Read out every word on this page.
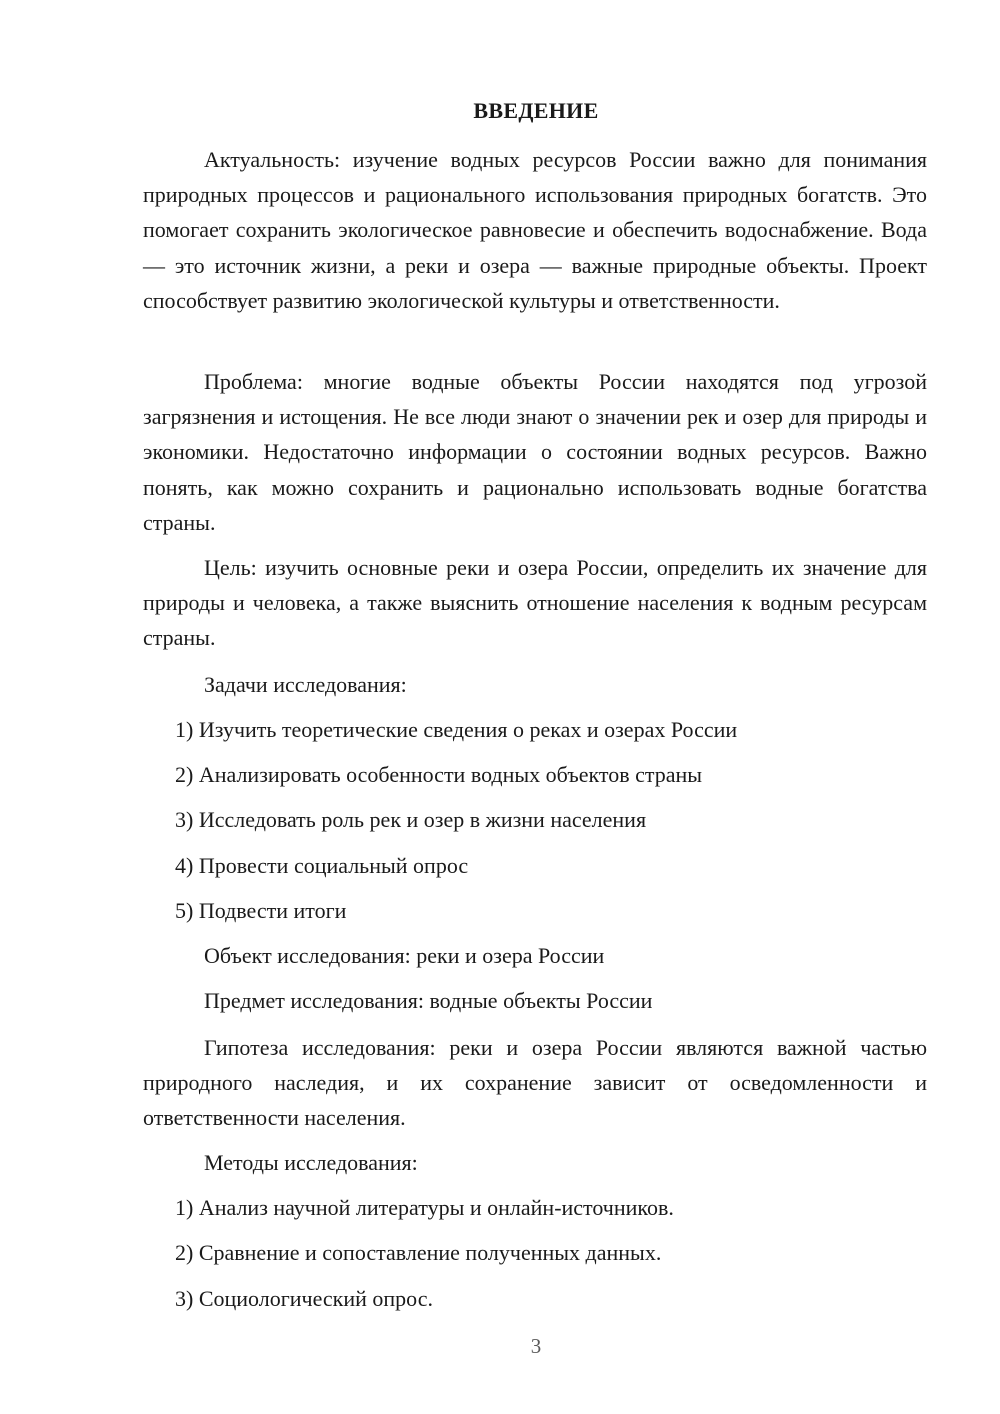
ВВЕДЕНИЕ

Актуальность: изучение водных ресурсов России важно для понимания природных процессов и рационального использования природных богатств. Это помогает сохранить экологическое равновесие и обеспечить водоснабжение. Вода — это источник жизни, а реки и озера — важные природные объекты. Проект способствует развитию экологической культуры и ответственности.

Проблема: многие водные объекты России находятся под угрозой загрязнения и истощения. Не все люди знают о значении рек и озер для природы и экономики. Недостаточно информации о состоянии водных ресурсов. Важно понять, как можно сохранить и рационально использовать водные богатства страны.

Цель: изучить основные реки и озера России, определить их значение для природы и человека, а также выяснить отношение населения к водным ресурсам страны.

Задачи исследования:

1) Изучить теоретические сведения о реках и озерах России

2) Анализировать особенности водных объектов страны

3) Исследовать роль рек и озер в жизни населения

4) Провести социальный опрос

5) Подвести итоги

Объект исследования: реки и озера России

Предмет исследования: водные объекты России

Гипотеза исследования: реки и озера России являются важной частью природного наследия, и их сохранение зависит от осведомленности и ответственности населения.

Методы исследования:

1) Анализ научной литературы и онлайн-источников.

2) Сравнение и сопоставление полученных данных.

3) Социологический опрос.

3
